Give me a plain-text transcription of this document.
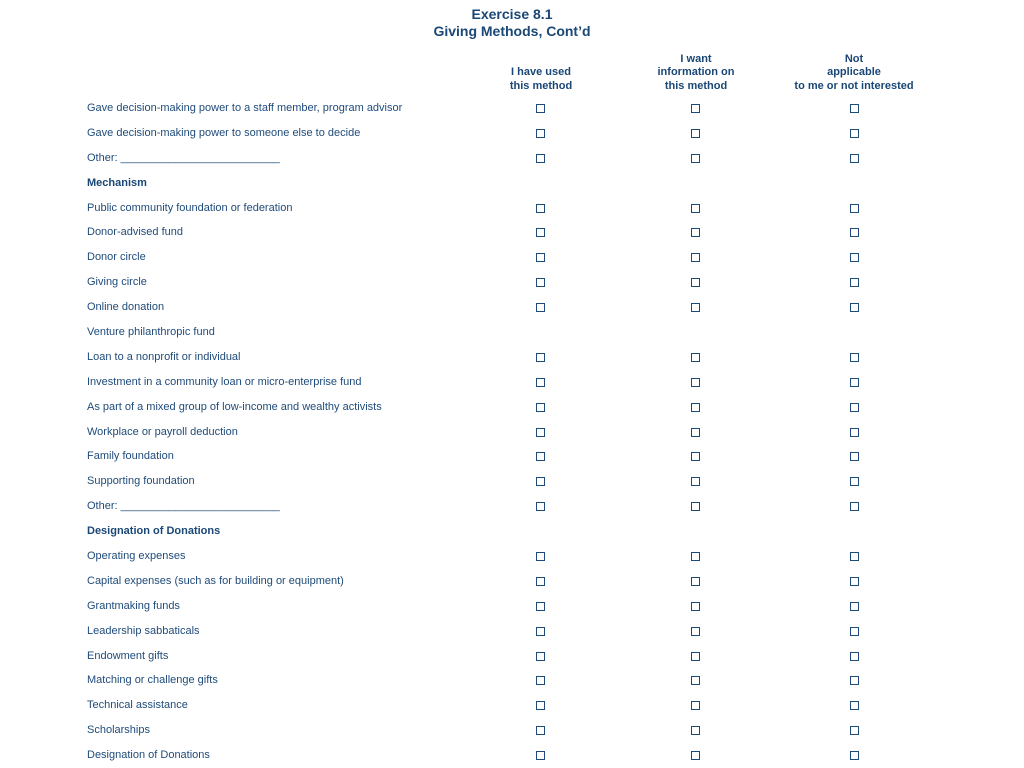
Exercise 8.1
Giving Methods, Cont’d
I have used
this method
I want
information on
this method
Not
applicable
to me or not interested
Gave decision-making power to a staff member, program advisor
Gave decision-making power to someone else to decide
Other: __________________________
Mechanism
Public community foundation or federation
Donor-advised fund
Donor circle
Giving circle
Online donation
Venture philanthropic fund
Loan to a nonprofit or individual
Investment in a community loan or micro-enterprise fund
As part of a mixed group of low-income and wealthy activists
Workplace or payroll deduction
Family foundation
Supporting foundation
Other: __________________________
Designation of Donations
Operating expenses
Capital expenses (such as for building or equipment)
Grantmaking funds
Leadership sabbaticals
Endowment gifts
Matching or challenge gifts
Technical assistance
Scholarships
Designation of Donations
